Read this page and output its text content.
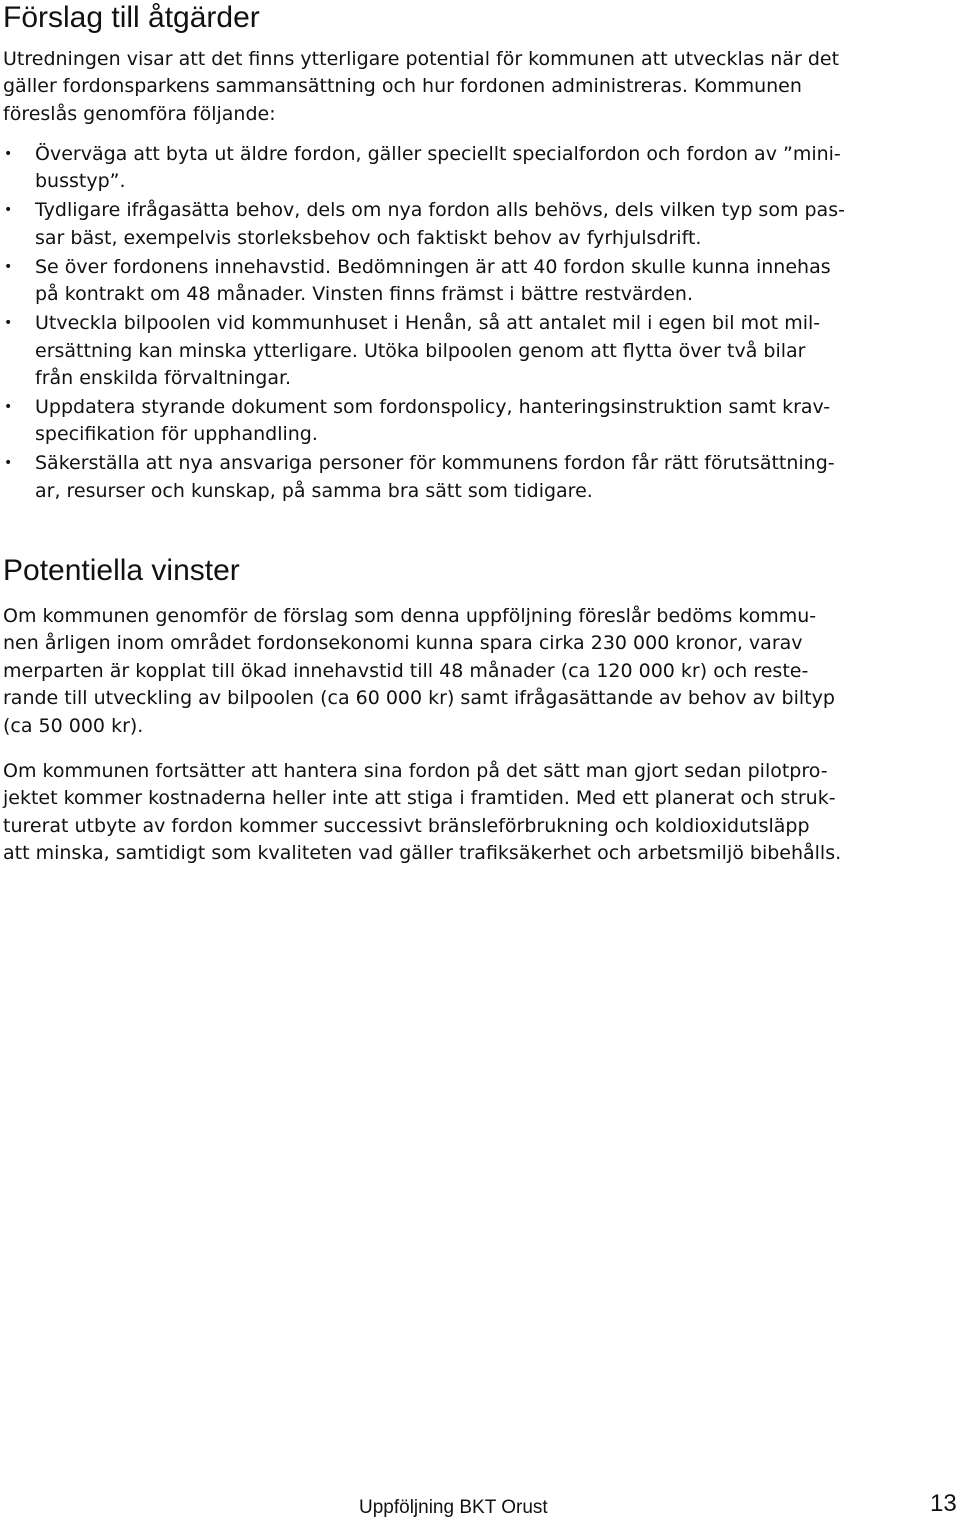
Förslag till åtgärder

Utredningen visar att det finns ytterligare potential för kommunen att utvecklas när det
gäller fordonsparkens sammansättning och hur fordonen administreras. Kommunen
föreslås genomföra följande:

•	Överväga att byta ut äldre fordon, gäller speciellt specialfordon och fordon av ”mini-
busstyp”.
•	Tydligare ifrågasätta behov, dels om nya fordon alls behövs, dels vilken typ som pas-
sar bäst, exempelvis storleksbehov och faktiskt behov av fyrhjulsdrift.
•	Se över fordonens innehavstid. Bedömningen är att 40 fordon skulle kunna innehas
på kontrakt om 48 månader. Vinsten finns främst i bättre restvärden.
•	Utveckla bilpoolen vid kommunhuset i Henån, så att antalet mil i egen bil mot mil-
ersättning kan minska ytterligare. Utöka bilpoolen genom att flytta över två bilar
från enskilda förvaltningar.
•	Uppdatera styrande dokument som fordonspolicy, hanteringsinstruktion samt krav-
specifikation för upphandling.
•	Säkerställa att nya ansvariga personer för kommunens fordon får rätt förutsättning-
ar, resurser och kunskap, på samma bra sätt som tidigare.
Potentiella vinster

Om kommunen genomför de förslag som denna uppföljning föreslår bedöms kommu-
nen årligen inom området fordonsekonomi kunna spara cirka 230 000 kronor, varav
merparten är kopplat till ökad innehavstid till 48 månader (ca 120 000 kr) och reste-
rande till utveckling av bilpoolen (ca 60 000 kr) samt ifrågasättande av behov av biltyp
(ca 50 000 kr).

Om kommunen fortsätter att hantera sina fordon på det sätt man gjort sedan pilotpro-
jektet kommer kostnaderna heller inte att stiga i framtiden. Med ett planerat och struk-
turerat utbyte av fordon kommer successivt bränsleförbrukning och koldioxidutsläpp
att minska, samtidigt som kvaliteten vad gäller trafiksäkerhet och arbetsmiljö bibehålls.

Uppföljning BKT Orust	13
